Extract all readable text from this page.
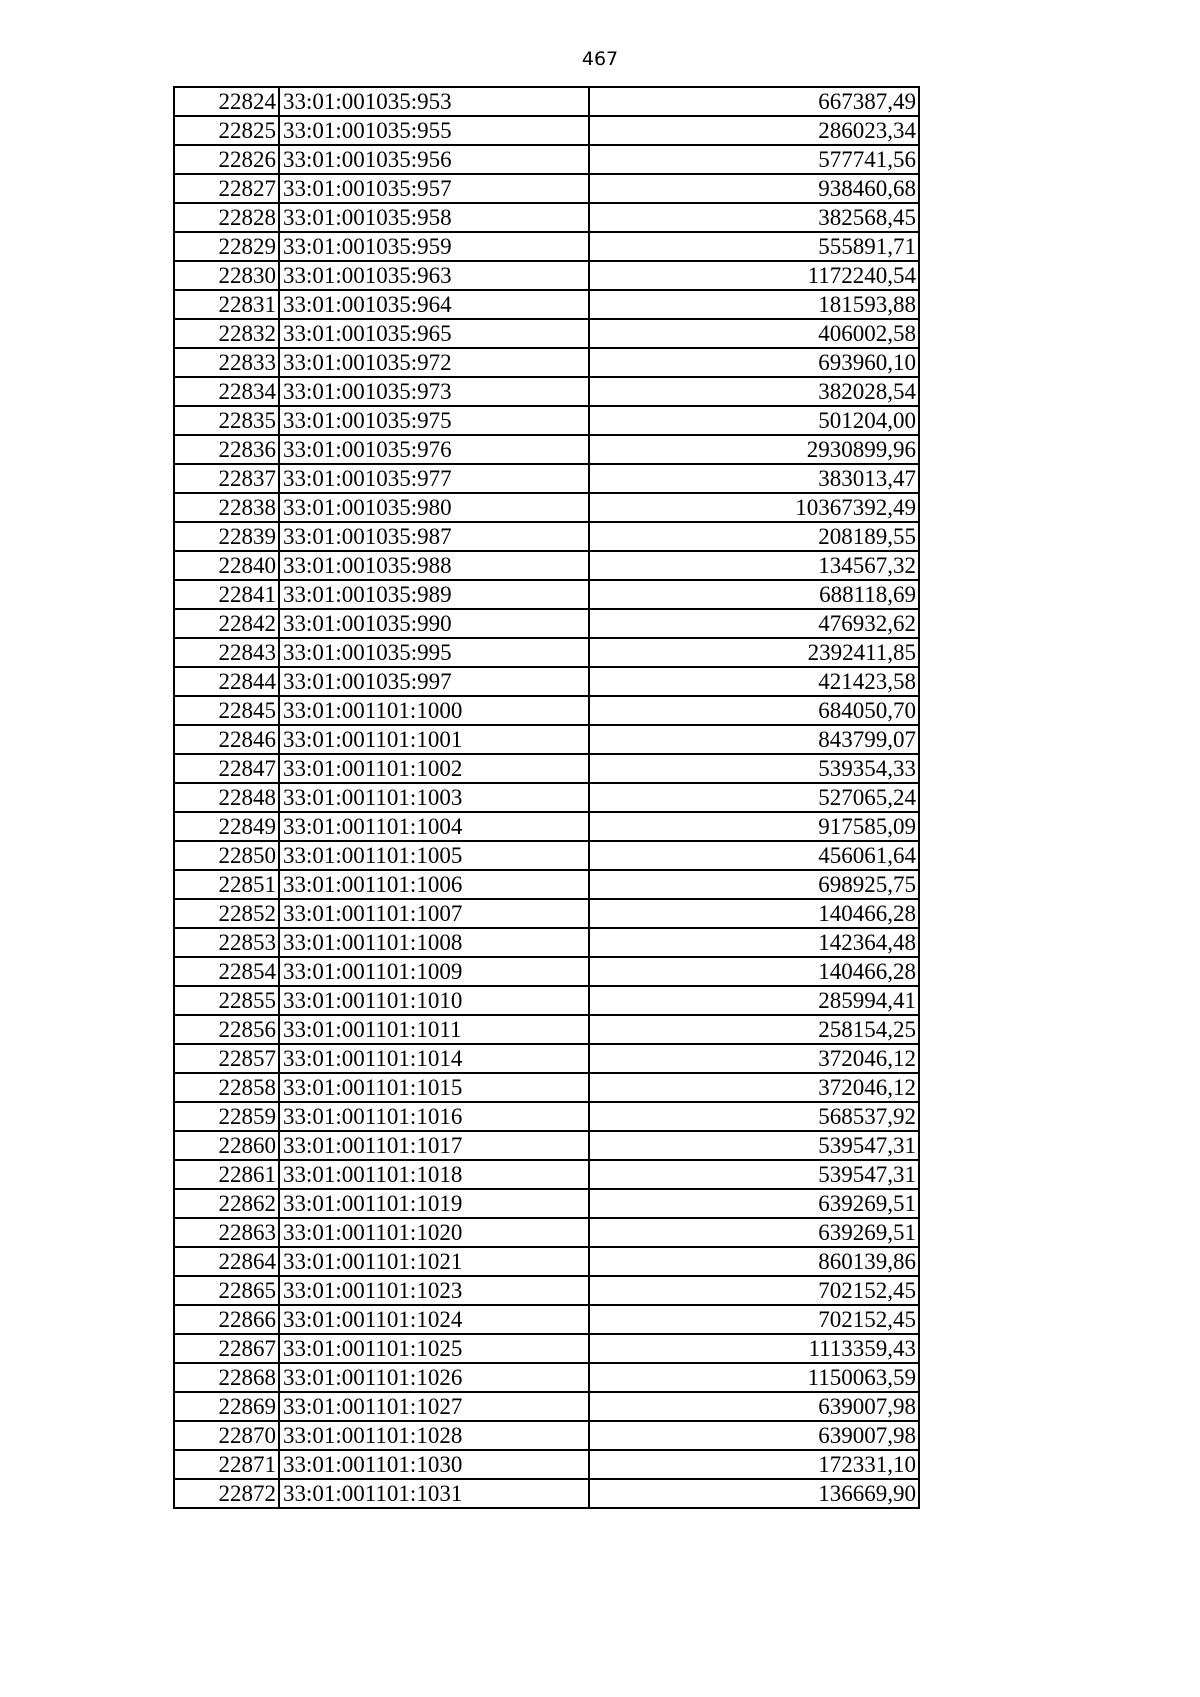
467
22824	33:01:001035:953	667387,49
22825	33:01:001035:955	286023,34
22826	33:01:001035:956	577741,56
22827	33:01:001035:957	938460,68
22828	33:01:001035:958	382568,45
22829	33:01:001035:959	555891,71
22830	33:01:001035:963	1172240,54
22831	33:01:001035:964	181593,88
22832	33:01:001035:965	406002,58
22833	33:01:001035:972	693960,10
22834	33:01:001035:973	382028,54
22835	33:01:001035:975	501204,00
22836	33:01:001035:976	2930899,96
22837	33:01:001035:977	383013,47
22838	33:01:001035:980	10367392,49
22839	33:01:001035:987	208189,55
22840	33:01:001035:988	134567,32
22841	33:01:001035:989	688118,69
22842	33:01:001035:990	476932,62
22843	33:01:001035:995	2392411,85
22844	33:01:001035:997	421423,58
22845	33:01:001101:1000	684050,70
22846	33:01:001101:1001	843799,07
22847	33:01:001101:1002	539354,33
22848	33:01:001101:1003	527065,24
22849	33:01:001101:1004	917585,09
22850	33:01:001101:1005	456061,64
22851	33:01:001101:1006	698925,75
22852	33:01:001101:1007	140466,28
22853	33:01:001101:1008	142364,48
22854	33:01:001101:1009	140466,28
22855	33:01:001101:1010	285994,41
22856	33:01:001101:1011	258154,25
22857	33:01:001101:1014	372046,12
22858	33:01:001101:1015	372046,12
22859	33:01:001101:1016	568537,92
22860	33:01:001101:1017	539547,31
22861	33:01:001101:1018	539547,31
22862	33:01:001101:1019	639269,51
22863	33:01:001101:1020	639269,51
22864	33:01:001101:1021	860139,86
22865	33:01:001101:1023	702152,45
22866	33:01:001101:1024	702152,45
22867	33:01:001101:1025	1113359,43
22868	33:01:001101:1026	1150063,59
22869	33:01:001101:1027	639007,98
22870	33:01:001101:1028	639007,98
22871	33:01:001101:1030	172331,10
22872	33:01:001101:1031	136669,90
